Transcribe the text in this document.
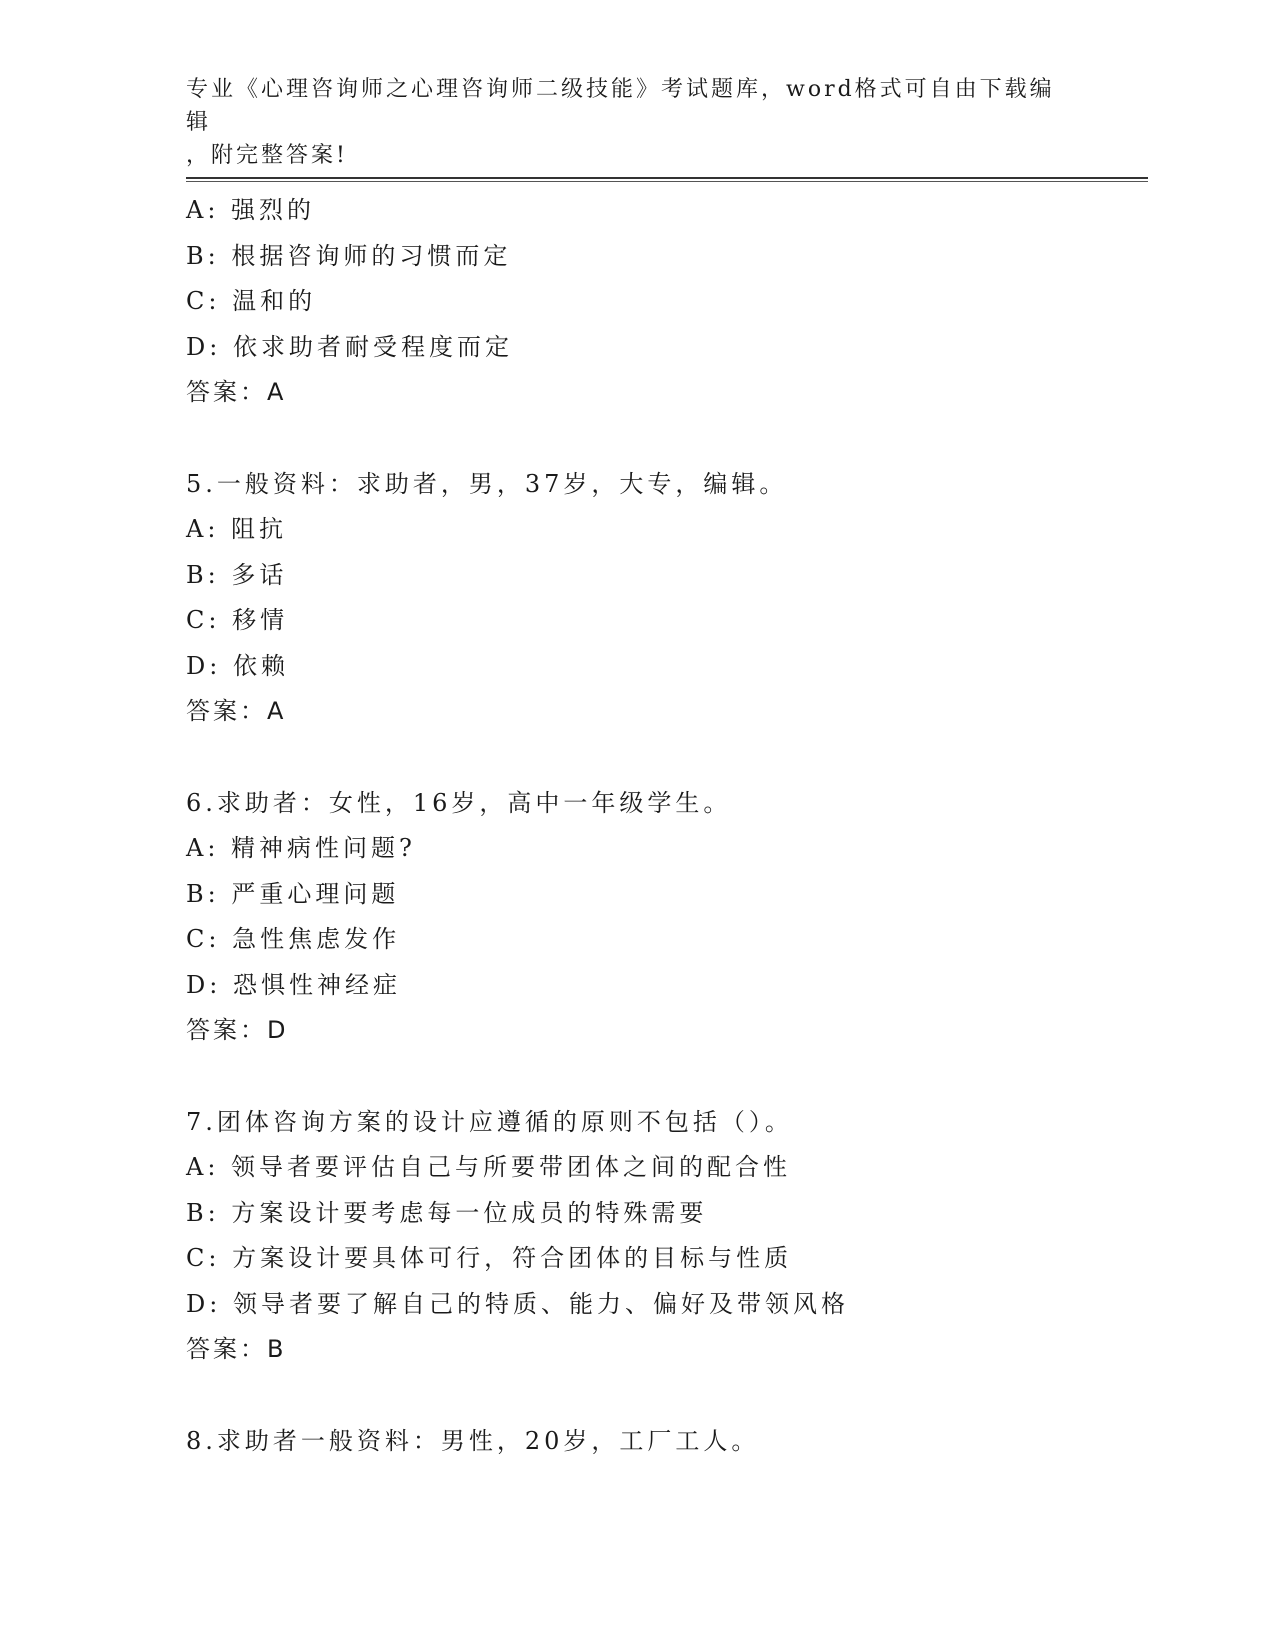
专业《心理咨询师之心理咨询师二级技能》考试题库，word格式可自由下载编辑
，附完整答案!
A: 强烈的
B: 根据咨询师的习惯而定
C: 温和的
D: 依求助者耐受程度而定
答案：A
5.一般资料：求助者，男，37岁，大专，编辑。
A: 阻抗
B: 多话
C: 移情
D: 依赖
答案：A
6.求助者：女性，16岁，高中一年级学生。
A: 精神病性问题?
B: 严重心理问题
C: 急性焦虑发作
D: 恐惧性神经症
答案：D
7.团体咨询方案的设计应遵循的原则不包括（）。
A: 领导者要评估自己与所要带团体之间的配合性
B: 方案设计要考虑每一位成员的特殊需要
C: 方案设计要具体可行，符合团体的目标与性质
D: 领导者要了解自己的特质、能力、偏好及带领风格
答案：B
8.求助者一般资料：男性，20岁，工厂工人。
